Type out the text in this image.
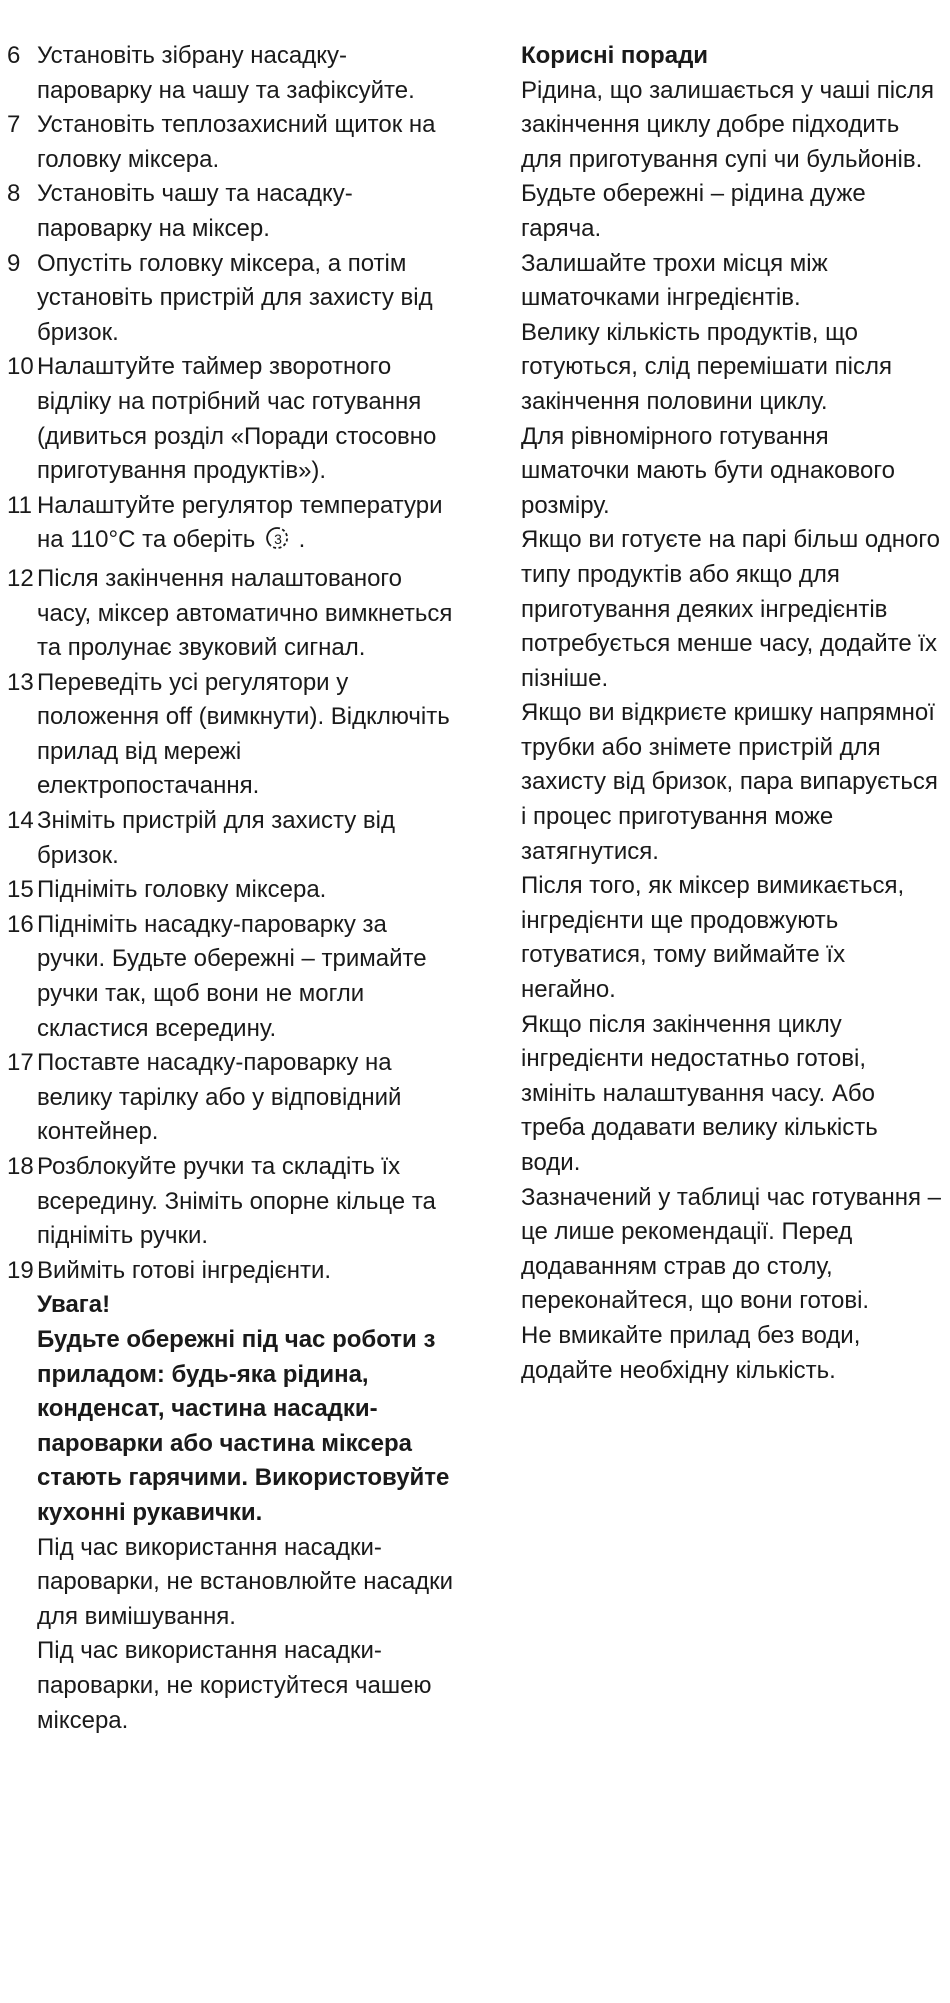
6 Установіть зібрану насадку-пароварку на чашу та зафіксуйте.
7 Установіть теплозахисний щиток на головку міксера.
8 Установіть чашу та насадку-пароварку на міксер.
9 Опустіть головку міксера, а потім установіть пристрій для захисту від бризок.
10 Налаштуйте таймер зворотного відліку на потрібний час готування (дивиться розділ «Поради стосовно приготування продуктів»).
11 Налаштуйте регулятор температури на 110°C та оберіть 3 .
12 Після закінчення налаштованого часу, міксер автоматично вимкнеться та пролунає звуковий сигнал.
13 Переведіть усі регулятори у положення off (вимкнути). Відключіть прилад від мережі електропостачання.
14 Зніміть пристрій для захисту від бризок.
15 Підніміть головку міксера.
16 Підніміть насадку-пароварку за ручки. Будьте обережні – тримайте ручки так, щоб вони не могли скластися всередину.
17 Поставте насадку-пароварку на велику тарілку або у відповідний контейнер.
18 Розблокуйте ручки та складіть їх всередину. Зніміть опорне кільце та підніміть ручки.
19 Вийміть готові інгредієнти.
Увага!
Будьте обережні під час роботи з приладом: будь-яка рідина, конденсат, частина насадки-пароварки або частина міксера стають гарячими. Використовуйте кухонні рукавички.
Під час використання насадки-пароварки, не встановлюйте насадки для вимішування.
Під час використання насадки-пароварки, не користуйтеся чашею міксера.
Корисні поради
Рідина, що залишається у чаші після закінчення циклу добре підходить для приготування супі чи бульйонів. Будьте обережні – рідина дуже гаряча.
Залишайте трохи місця між шматочками інгредієнтів.
Велику кількість продуктів, що готуються, слід перемішати після закінчення половини циклу.
Для рівномірного готування шматочки мають бути однакового розміру.
Якщо ви готуєте на парі більш одного типу продуктів або якщо для приготування деяких інгредієнтів потребується менше часу, додайте їх пізніше.
Якщо ви відкриєте кришку напрямної трубки або знімете пристрій для захисту від бризок, пара випарується і процес приготування може затягнутися.
Після того, як міксер вимикається, інгредієнти ще продовжують готуватися, тому виймайте їх негайно.
Якщо після закінчення циклу інгредієнти недостатньо готові, змініть налаштування часу. Або треба додавати велику кількість води.
Зазначений у таблиці час готування – це лише рекомендації. Перед додаванням страв до столу, переконайтеся, що вони готові.
Не вмикайте прилад без води, додайте необхідну кількість.
